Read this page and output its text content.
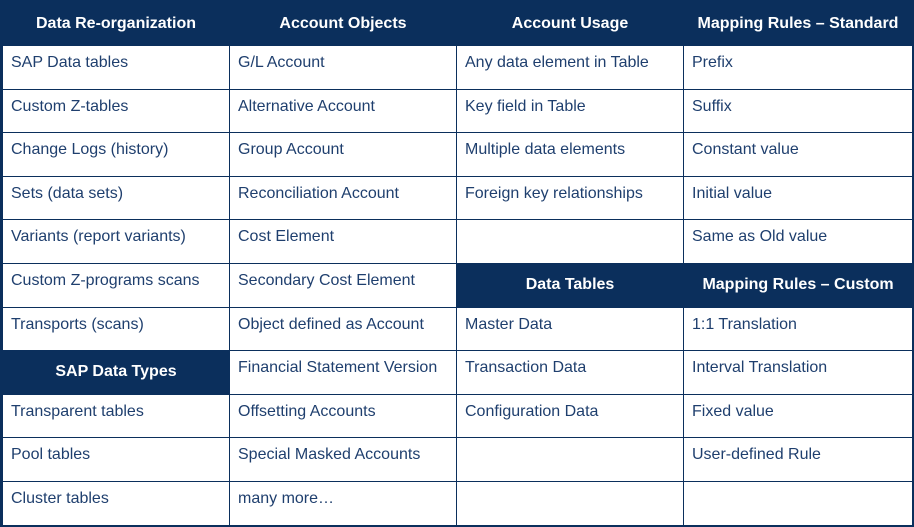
Data Re-organization	Account Objects	Account Usage	Mapping Rules – Standard
SAP Data tables	G/L Account	Any data element in Table	Prefix
Custom Z-tables	Alternative Account	Key field in Table	Suffix
Change Logs (history)	Group Account	Multiple data elements	Constant value
Sets (data sets)	Reconciliation Account	Foreign key relationships	Initial value
Variants (report variants)	Cost Element		Same as Old value
Custom Z-programs scans	Secondary Cost Element	Data Tables	Mapping Rules – Custom
Transports (scans)	Object defined as Account	Master Data	1:1 Translation
SAP Data Types	Financial Statement Version	Transaction Data	Interval Translation
Transparent tables	Offsetting Accounts	Configuration Data	Fixed value
Pool tables	Special Masked Accounts		User-defined Rule
Cluster tables	many more…		
